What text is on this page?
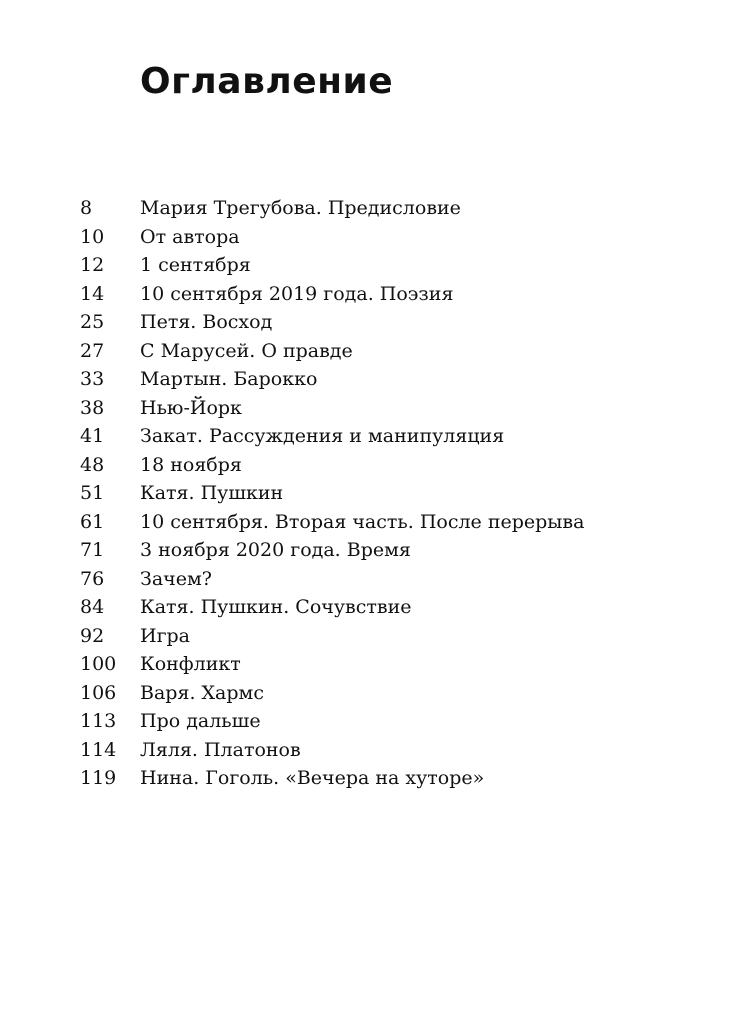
Оглавление
8	Мария Трегубова. Предисловие
10	От автора
12	1 сентября
14	10 сентября 2019 года. Поэзия
25	Петя. Восход
27	С Марусей. О правде
33	Мартын. Барокко
38	Нью-Йорк
41	Закат. Рассуждения и манипуляция
48	18 ноября
51	Катя. Пушкин
61	10 сентября. Вторая часть. После перерыва
71	3 ноября 2020 года. Время
76	Зачем?
84	Катя. Пушкин. Сочувствие
92	Игра
100	Конфликт
106	Варя. Хармс
113	Про дальше
114	Ляля. Платонов
119	Нина. Гоголь. «Вечера на хуторе»
